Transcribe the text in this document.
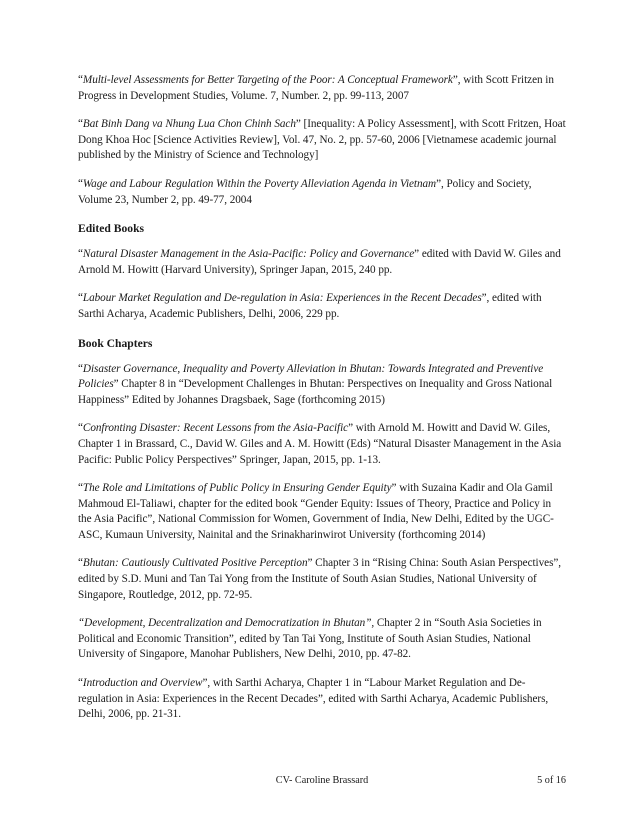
“Multi-level Assessments for Better Targeting of the Poor: A Conceptual Framework”, with Scott Fritzen in Progress in Development Studies, Volume. 7, Number. 2, pp. 99-113, 2007

“Bat Binh Dang va Nhung Lua Chon Chinh Sach” [Inequality: A Policy Assessment], with Scott Fritzen, Hoat Dong Khoa Hoc [Science Activities Review], Vol. 47, No. 2, pp. 57-60, 2006 [Vietnamese academic journal published by the Ministry of Science and Technology]

“Wage and Labour Regulation Within the Poverty Alleviation Agenda in Vietnam”, Policy and Society, Volume 23, Number 2, pp. 49-77, 2004

Edited Books

“Natural Disaster Management in the Asia-Pacific: Policy and Governance” edited with David W. Giles and Arnold M. Howitt (Harvard University), Springer Japan, 2015, 240 pp.

“Labour Market Regulation and De-regulation in Asia: Experiences in the Recent Decades”, edited with Sarthi Acharya, Academic Publishers, Delhi, 2006, 229 pp.

Book Chapters

“Disaster Governance, Inequality and Poverty Alleviation in Bhutan: Towards Integrated and Preventive Policies” Chapter 8 in “Development Challenges in Bhutan: Perspectives on Inequality and Gross National Happiness” Edited by Johannes Dragsbaek, Sage (forthcoming 2015)

“Confronting Disaster: Recent Lessons from the Asia-Pacific” with Arnold M. Howitt and David W. Giles, Chapter 1 in Brassard, C., David W. Giles and A. M. Howitt (Eds) “Natural Disaster Management in the Asia Pacific: Public Policy Perspectives” Springer, Japan, 2015, pp. 1-13.

“The Role and Limitations of Public Policy in Ensuring Gender Equity” with Suzaina Kadir and Ola Gamil Mahmoud El-Taliawi, chapter for the edited book “Gender Equity: Issues of Theory, Practice and Policy in the Asia Pacific”, National Commission for Women, Government of India, New Delhi, Edited by the UGC-ASC, Kumaun University, Nainital and the Srinakharinwirot University (forthcoming 2014)

“Bhutan: Cautiously Cultivated Positive Perception” Chapter 3 in “Rising China: South Asian Perspectives”, edited by S.D. Muni and Tan Tai Yong from the Institute of South Asian Studies, National University of Singapore, Routledge, 2012, pp. 72-95.

“Development, Decentralization and Democratization in Bhutan”, Chapter 2 in “South Asia Societies in Political and Economic Transition”, edited by Tan Tai Yong, Institute of South Asian Studies, National University of Singapore, Manohar Publishers, New Delhi, 2010, pp. 47-82.

“Introduction and Overview”, with Sarthi Acharya, Chapter 1 in “Labour Market Regulation and De-regulation in Asia: Experiences in the Recent Decades”, edited with Sarthi Acharya, Academic Publishers, Delhi, 2006, pp. 21-31.

CV- Caroline Brassard	5 of 16
